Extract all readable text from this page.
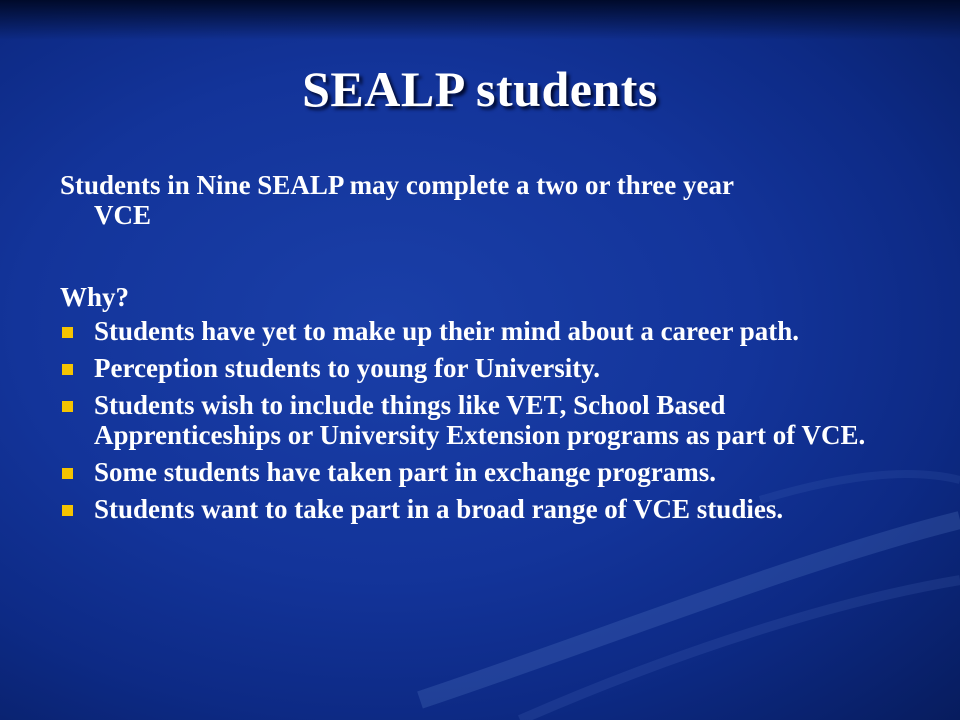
SEALP students
Students in Nine SEALP may complete a two or three year
VCE
Why?
Students have yet to make up their mind about a career path.
Perception students to young for University.
Students wish to include things like VET, School Based Apprenticeships or University Extension programs as part of VCE.
Some students have taken part in exchange programs.
Students want to take part in a broad range of VCE studies.
